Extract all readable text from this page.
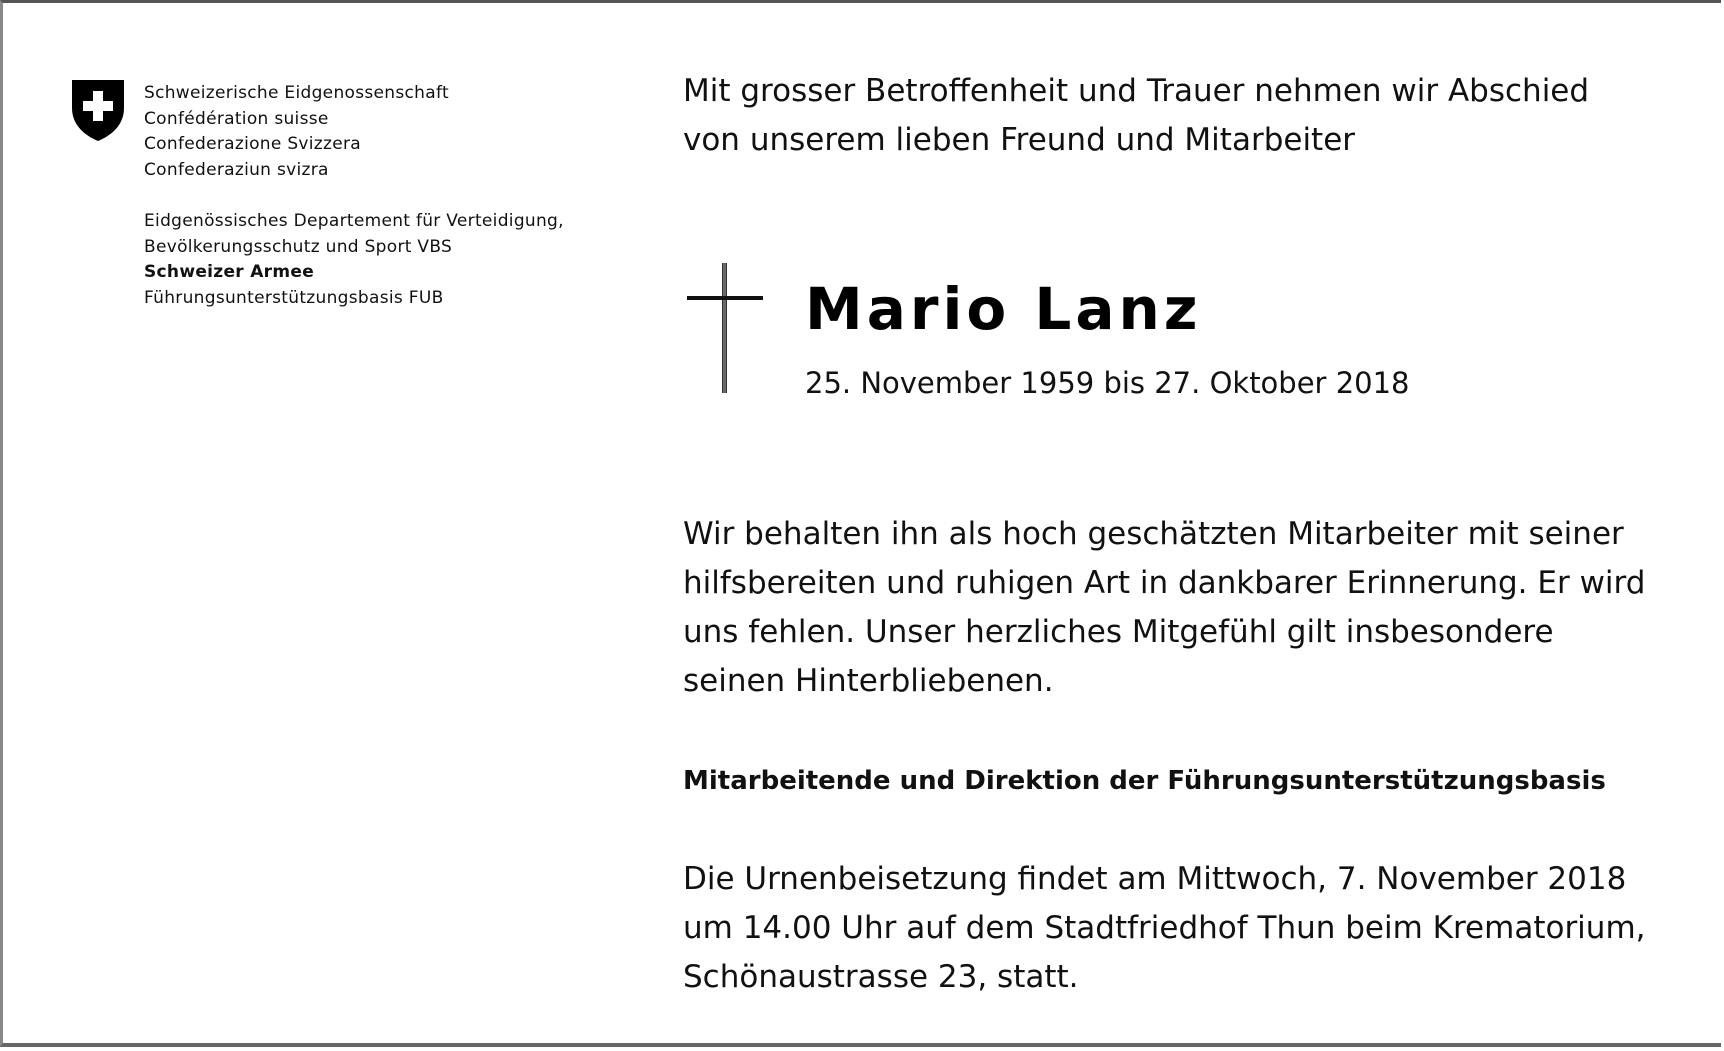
Schweizerische Eidgenossenschaft
Confédération suisse
Confederazione Svizzera
Confederaziun svizra
Eidgenössisches Departement für Verteidigung,
Bevölkerungsschutz und Sport VBS
Schweizer Armee
Führungsunterstützungsbasis FUB
Mit grosser Betroffenheit und Trauer nehmen wir Abschied
von unserem lieben Freund und Mitarbeiter
Mario Lanz
25. November 1959 bis 27. Oktober 2018
Wir behalten ihn als hoch geschätzten Mitarbeiter mit seiner
hilfsbereiten und ruhigen Art in dankbarer Erinnerung. Er wird
uns fehlen. Unser herzliches Mitgefühl gilt insbesondere
seinen Hinterbliebenen.
Mitarbeitende und Direktion der Führungsunterstützungsbasis
Die Urnenbeisetzung findet am Mittwoch, 7. November 2018
um 14.00 Uhr auf dem Stadtfriedhof Thun beim Krematorium,
Schönaustrasse 23, statt.
